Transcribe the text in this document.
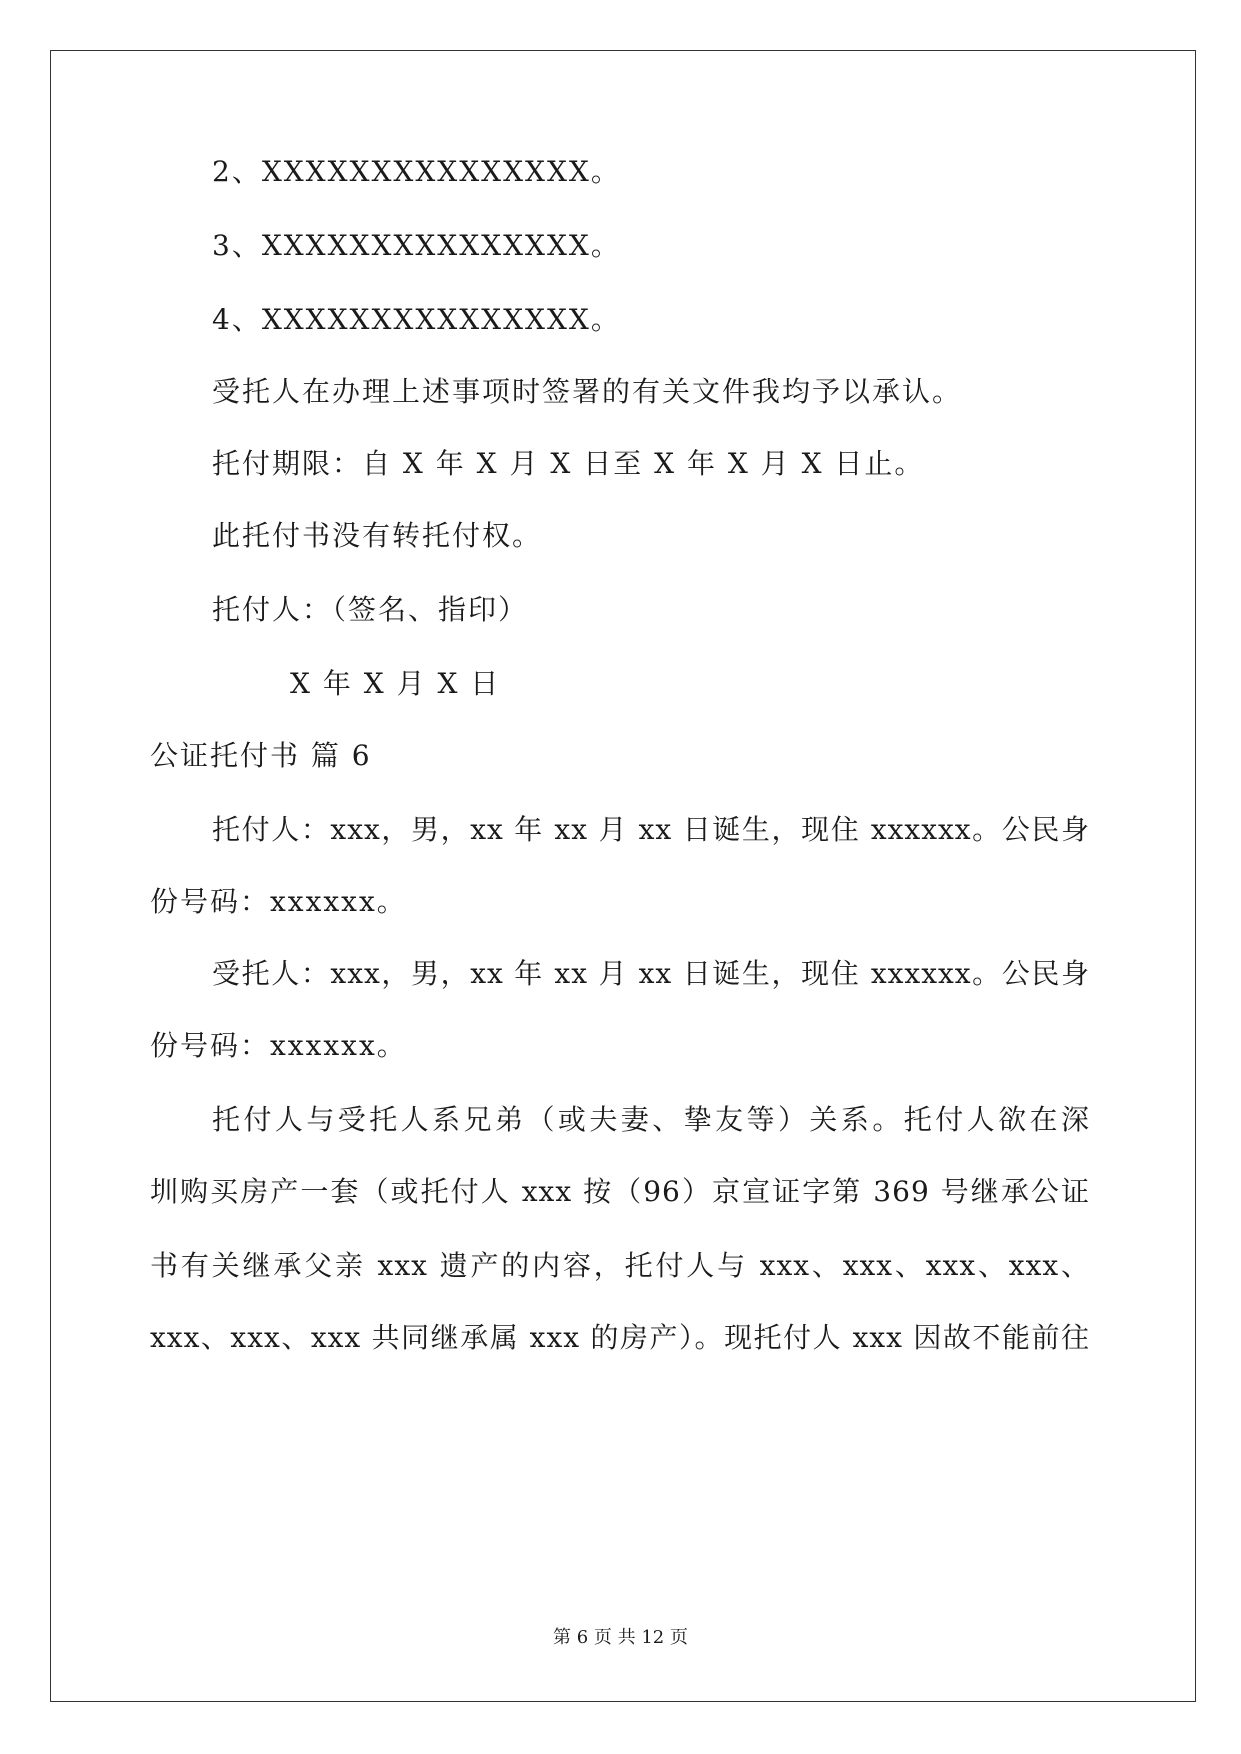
2、XXXXXXXXXXXXXXX。
3、XXXXXXXXXXXXXXX。
4、XXXXXXXXXXXXXXX。
受托人在办理上述事项时签署的有关文件我均予以承认。
托付期限：自 X 年 X 月 X 日至 X 年 X 月 X 日止。
此托付书没有转托付权。
托付人：（签名、指印）
X 年 X 月 X 日
公证托付书 篇 6
托付人：xxx，男，xx 年 xx 月 xx 日诞生，现住 xxxxxx。公民身
份号码：xxxxxx。
受托人：xxx，男，xx 年 xx 月 xx 日诞生，现住 xxxxxx。公民身
份号码：xxxxxx。
托付人与受托人系兄弟（或夫妻、挚友等）关系。托付人欲在深
圳购买房产一套（或托付人 xxx 按（96）京宣证字第 369 号继承公证
书有关继承父亲 xxx 遗产的内容，托付人与 xxx、xxx、xxx、xxx、
xxx、xxx、xxx 共同继承属 xxx 的房产）。现托付人 xxx 因故不能前往
第 6 页 共 12 页
